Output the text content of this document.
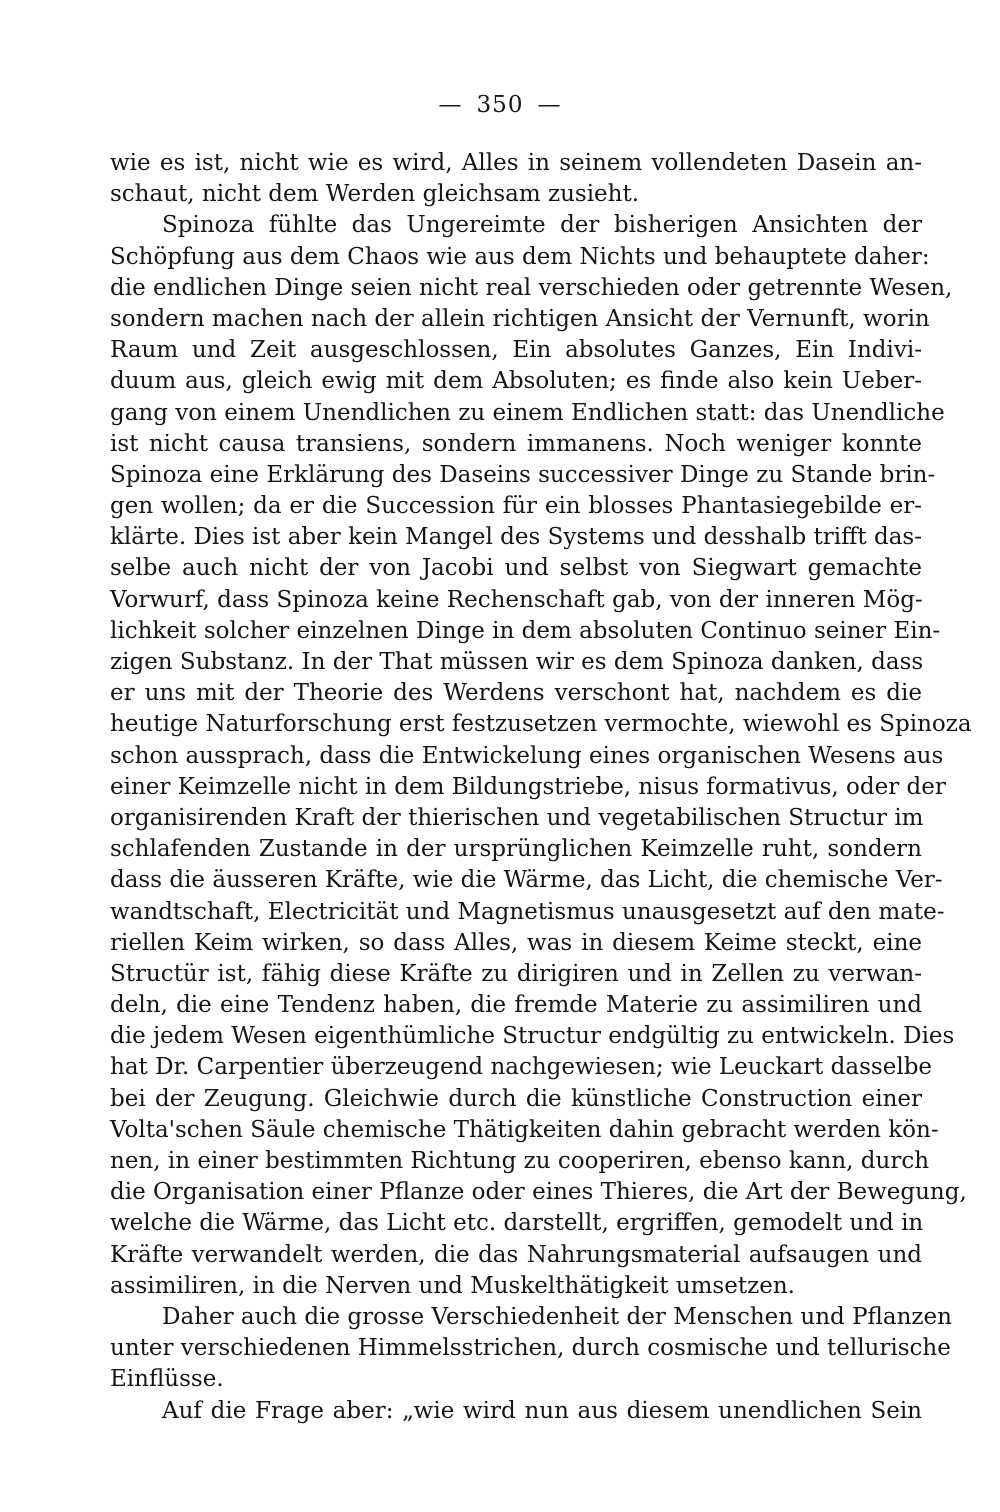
— 350 —
wie es ist, nicht wie es wird, Alles in seinem vollendeten Dasein an-
schaut, nicht dem Werden gleichsam zusieht.
Spinoza fühlte das Ungereimte der bisherigen Ansichten der
Schöpfung aus dem Chaos wie aus dem Nichts und behauptete daher:
die endlichen Dinge seien nicht real verschieden oder getrennte Wesen,
sondern machen nach der allein richtigen Ansicht der Vernunft, worin
Raum und Zeit ausgeschlossen, Ein absolutes Ganzes, Ein Indivi-
duum aus, gleich ewig mit dem Absoluten; es finde also kein Ueber-
gang von einem Unendlichen zu einem Endlichen statt: das Unendliche
ist nicht causa transiens, sondern immanens. Noch weniger konnte
Spinoza eine Erklärung des Daseins successiver Dinge zu Stande brin-
gen wollen; da er die Succession für ein blosses Phantasiegebilde er-
klärte. Dies ist aber kein Mangel des Systems und desshalb trifft das-
selbe auch nicht der von Jacobi und selbst von Siegwart gemachte
Vorwurf, dass Spinoza keine Rechenschaft gab, von der inneren Mög-
lichkeit solcher einzelnen Dinge in dem absoluten Continuo seiner Ein-
zigen Substanz. In der That müssen wir es dem Spinoza danken, dass
er uns mit der Theorie des Werdens verschont hat, nachdem es die
heutige Naturforschung erst festzusetzen vermochte, wiewohl es Spinoza
schon aussprach, dass die Entwickelung eines organischen Wesens aus
einer Keimzelle nicht in dem Bildungstriebe, nisus formativus, oder der
organisirenden Kraft der thierischen und vegetabilischen Structur im
schlafenden Zustande in der ursprünglichen Keimzelle ruht, sondern
dass die äusseren Kräfte, wie die Wärme, das Licht, die chemische Ver-
wandtschaft, Electricität und Magnetismus unausgesetzt auf den mate-
riellen Keim wirken, so dass Alles, was in diesem Keime steckt, eine
Structür ist, fähig diese Kräfte zu dirigiren und in Zellen zu verwan-
deln, die eine Tendenz haben, die fremde Materie zu assimiliren und
die jedem Wesen eigenthümliche Structur endgültig zu entwickeln. Dies
hat Dr. Carpentier überzeugend nachgewiesen; wie Leuckart dasselbe
bei der Zeugung. Gleichwie durch die künstliche Construction einer
Volta'schen Säule chemische Thätigkeiten dahin gebracht werden kön-
nen, in einer bestimmten Richtung zu cooperiren, ebenso kann, durch
die Organisation einer Pflanze oder eines Thieres, die Art der Bewegung,
welche die Wärme, das Licht etc. darstellt, ergriffen, gemodelt und in
Kräfte verwandelt werden, die das Nahrungsmaterial aufsaugen und
assimiliren, in die Nerven und Muskelthätigkeit umsetzen.
Daher auch die grosse Verschiedenheit der Menschen und Pflanzen
unter verschiedenen Himmelsstrichen, durch cosmische und tellurische
Einflüsse.
Auf die Frage aber: „wie wird nun aus diesem unendlichen Sein
